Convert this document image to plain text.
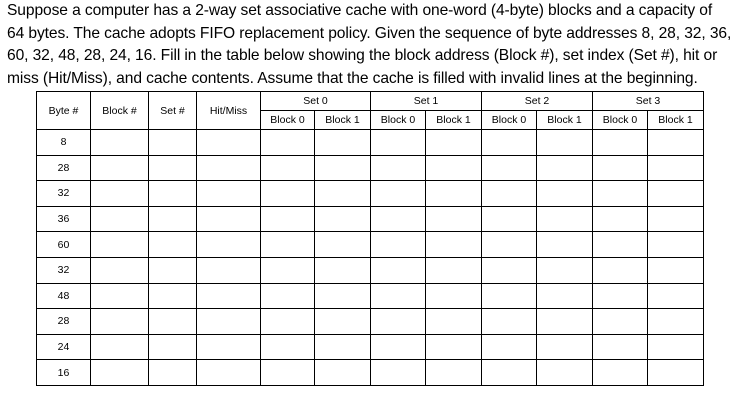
Suppose a computer has a 2-way set associative cache with one-word (4-byte) blocks and a capacity of
64 bytes. The cache adopts FIFO replacement policy. Given the sequence of byte addresses 8, 28, 32, 36,
60, 32, 48, 28, 24, 16. Fill in the table below showing the block address (Block #), set index (Set #), hit or
miss (Hit/Miss), and cache contents. Assume that the cache is filled with invalid lines at the beginning.
Byte #	Block #	Set #	Hit/Miss	Set 0		Set 1		Set 2		Set 3	
				Block 0	Block 1	Block 0	Block 1	Block 0	Block 1	Block 0	Block 1
8											
28											
32											
36											
60											
32											
48											
28											
24											
16											
